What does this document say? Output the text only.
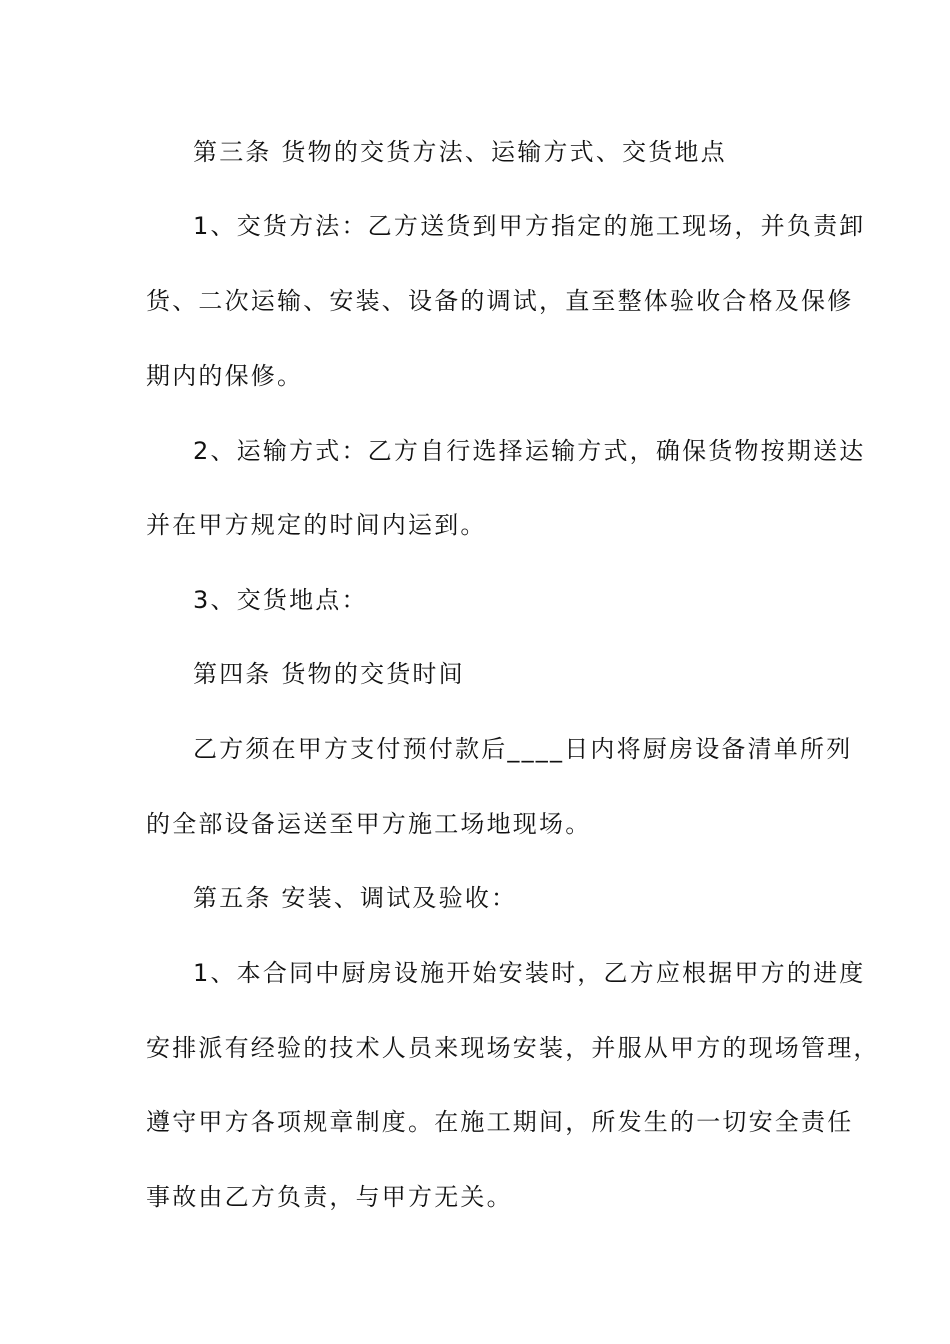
第三条 货物的交货方法、运输方式、交货地点
1、交货方法：乙方送货到甲方指定的施工现场，并负责卸
货、二次运输、安装、设备的调试，直至整体验收合格及保修
期内的保修。
2、运输方式：乙方自行选择运输方式，确保货物按期送达
并在甲方规定的时间内运到。
3、交货地点：
第四条 货物的交货时间
乙方须在甲方支付预付款后____日内将厨房设备清单所列
的全部设备运送至甲方施工场地现场。
第五条 安装、调试及验收：
1、本合同中厨房设施开始安装时，乙方应根据甲方的进度
安排派有经验的技术人员来现场安装，并服从甲方的现场管理，
遵守甲方各项规章制度。在施工期间，所发生的一切安全责任
事故由乙方负责，与甲方无关。
